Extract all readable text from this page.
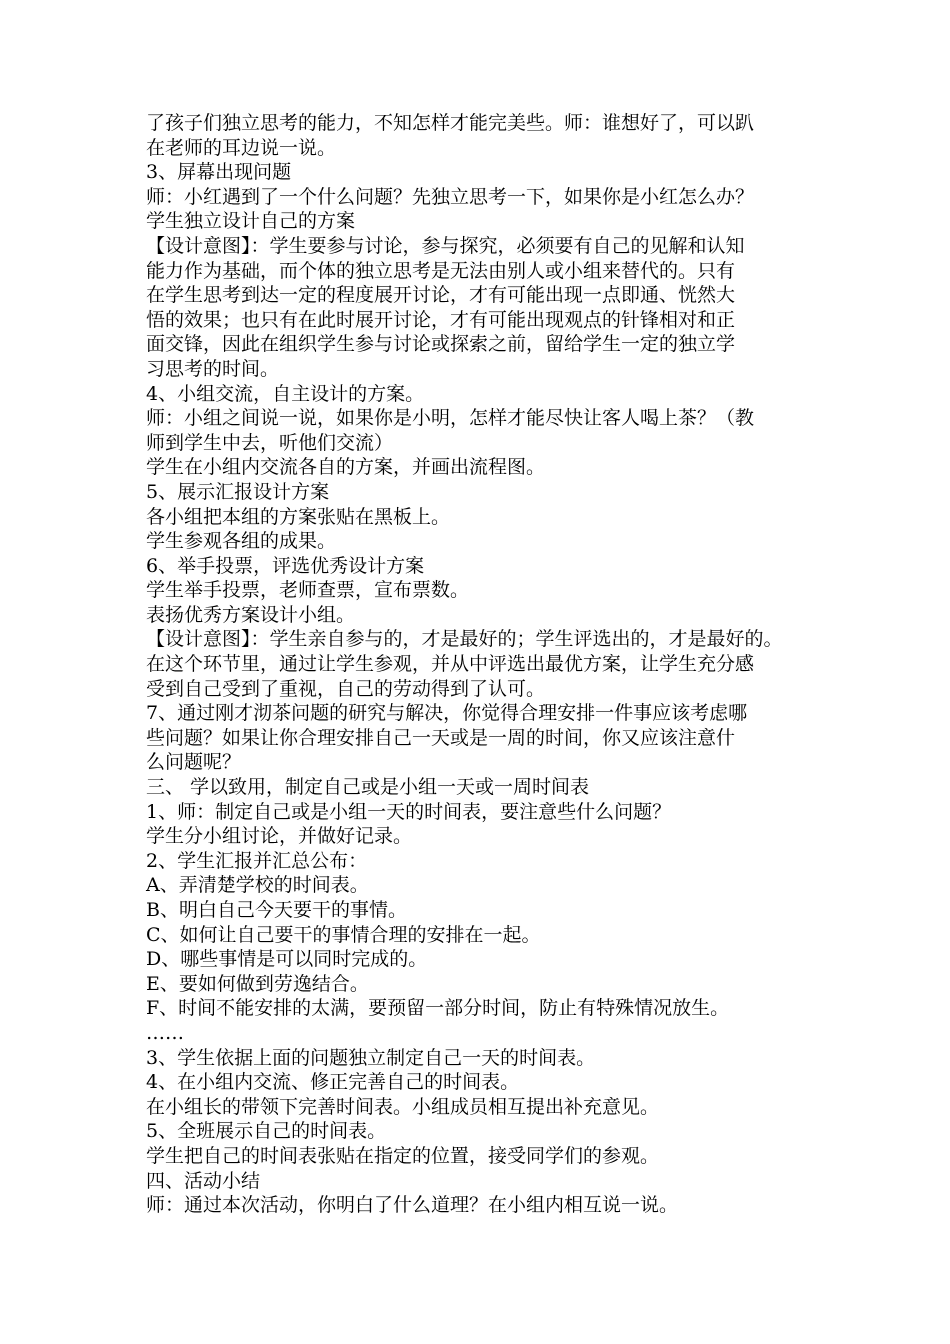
了孩子们独立思考的能力，不知怎样才能完美些。师：谁想好了，可以趴
在老师的耳边说一说。
3、屏幕出现问题
师：小红遇到了一个什么问题？先独立思考一下，如果你是小红怎么办？
学生独立设计自己的方案
【设计意图】：学生要参与讨论，参与探究，必须要有自己的见解和认知
能力作为基础，而个体的独立思考是无法由别人或小组来替代的。只有
在学生思考到达一定的程度展开讨论，才有可能出现一点即通、恍然大
悟的效果；也只有在此时展开讨论，才有可能出现观点的针锋相对和正
面交锋，因此在组织学生参与讨论或探索之前，留给学生一定的独立学
习思考的时间。
4、小组交流，自主设计的方案。
师：小组之间说一说，如果你是小明，怎样才能尽快让客人喝上茶？（教
师到学生中去，听他们交流）
学生在小组内交流各自的方案，并画出流程图。
5、展示汇报设计方案
各小组把本组的方案张贴在黑板上。
学生参观各组的成果。
6、举手投票，评选优秀设计方案
学生举手投票，老师查票，宣布票数。
表扬优秀方案设计小组。
【设计意图】：学生亲自参与的，才是最好的；学生评选出的，才是最好的。
在这个环节里，通过让学生参观，并从中评选出最优方案，让学生充分感
受到自己受到了重视，自己的劳动得到了认可。
7、通过刚才沏茶问题的研究与解决，你觉得合理安排一件事应该考虑哪
些问题？如果让你合理安排自己一天或是一周的时间，你又应该注意什
么问题呢？
三、 学以致用，制定自己或是小组一天或一周时间表
1、师：制定自己或是小组一天的时间表，要注意些什么问题？
学生分小组讨论，并做好记录。
2、学生汇报并汇总公布：
A、弄清楚学校的时间表。
B、明白自己今天要干的事情。
C、如何让自己要干的事情合理的安排在一起。
D、哪些事情是可以同时完成的。
E、要如何做到劳逸结合。
F、时间不能安排的太满，要预留一部分时间，防止有特殊情况放生。
……
3、学生依据上面的问题独立制定自己一天的时间表。
4、在小组内交流、修正完善自己的时间表。
在小组长的带领下完善时间表。小组成员相互提出补充意见。
5、全班展示自己的时间表。
学生把自己的时间表张贴在指定的位置，接受同学们的参观。
四、活动小结
师：通过本次活动，你明白了什么道理？在小组内相互说一说。
